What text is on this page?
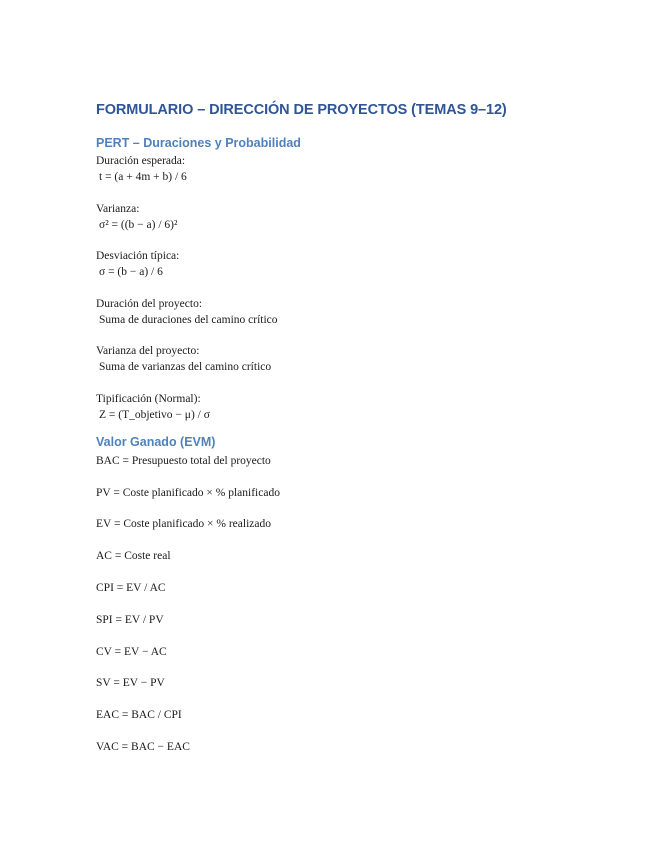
FORMULARIO – DIRECCIÓN DE PROYECTOS (TEMAS 9–12)
PERT – Duraciones y Probabilidad
Duración esperada:
t = (a + 4m + b) / 6
Varianza:
σ² = ((b − a) / 6)²
Desviación típica:
σ = (b − a) / 6
Duración del proyecto:
Suma de duraciones del camino crítico
Varianza del proyecto:
Suma de varianzas del camino crítico
Tipificación (Normal):
Z = (T_objetivo − μ) / σ
Valor Ganado (EVM)
BAC = Presupuesto total del proyecto
PV = Coste planificado × % planificado
EV = Coste planificado × % realizado
AC = Coste real
CPI = EV / AC
SPI = EV / PV
CV = EV − AC
SV = EV − PV
EAC = BAC / CPI
VAC = BAC − EAC
